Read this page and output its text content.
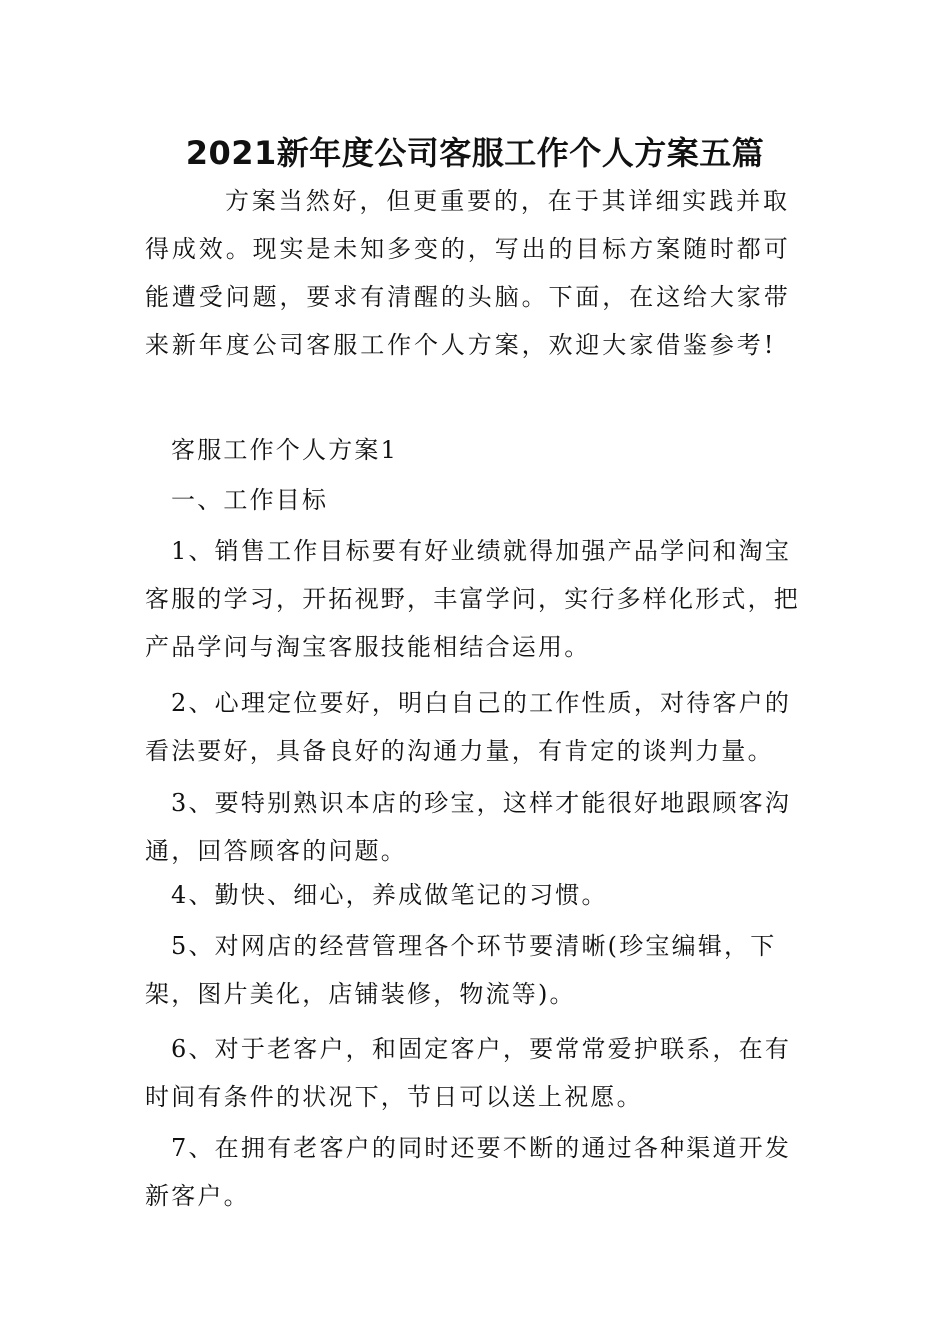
2021新年度公司客服工作个人方案五篇

方案当然好，但更重要的，在于其详细实践并取得成效。现实是未知多变的，写出的目标方案随时都可能遭受问题，要求有清醒的头脑。下面，在这给大家带来新年度公司客服工作个人方案，欢迎大家借鉴参考!

客服工作个人方案1

一、工作目标

1、销售工作目标要有好业绩就得加强产品学问和淘宝客服的学习，开拓视野，丰富学问，实行多样化形式，把产品学问与淘宝客服技能相结合运用。

2、心理定位要好，明白自己的工作性质，对待客户的看法要好，具备良好的沟通力量，有肯定的谈判力量。

3、要特别熟识本店的珍宝，这样才能很好地跟顾客沟通，回答顾客的问题。

4、勤快、细心，养成做笔记的习惯。

5、对网店的经营管理各个环节要清晰(珍宝编辑，下架，图片美化，店铺装修，物流等)。

6、对于老客户，和固定客户，要常常爱护联系，在有时间有条件的状况下，节日可以送上祝愿。

7、在拥有老客户的同时还要不断的通过各种渠道开发新客户。
